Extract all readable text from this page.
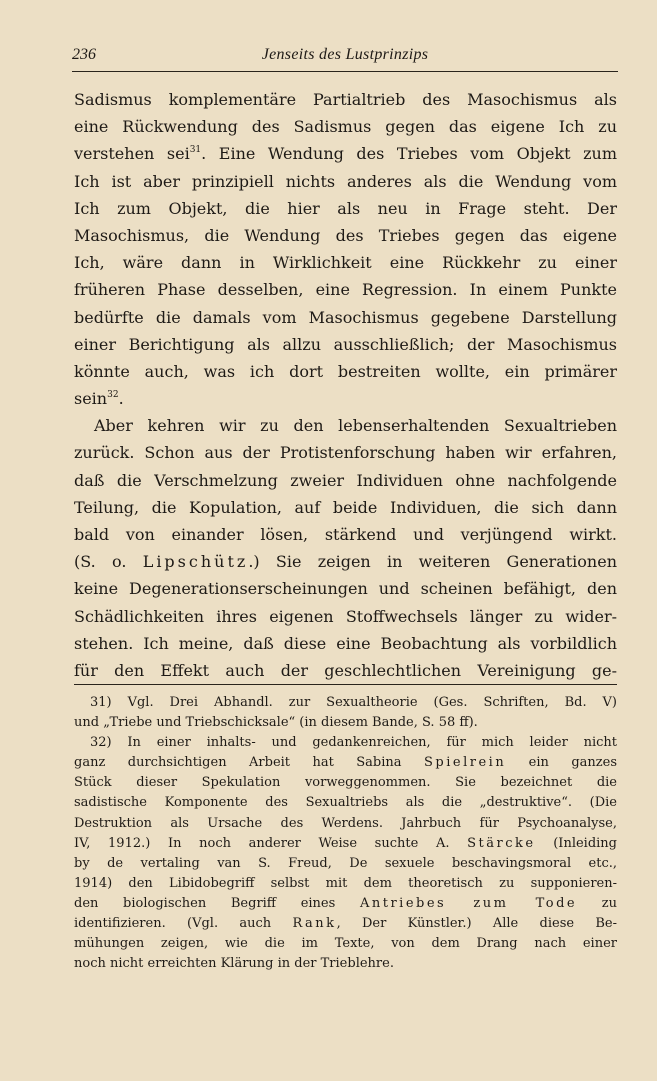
236	Jenseits des Lustprinzips
Sadismus komplementäre Partialtrieb des Masochismus als
eine Rückwendung des Sadismus gegen das eigene Ich zu
verstehen sei$^{31}$. Eine Wendung des Triebes vom Objekt zum
Ich ist aber prinzipiell nichts anderes als die Wendung vom
Ich zum Objekt, die hier als neu in Frage steht. Der
Masochismus, die Wendung des Triebes gegen das eigene
Ich, wäre dann in Wirklichkeit eine Rückkehr zu einer
früheren Phase desselben, eine Regression. In einem Punkte
bedürfte die damals vom Masochismus gegebene Darstellung
einer Berichtigung als allzu ausschließlich; der Masochismus
könnte auch, was ich dort bestreiten wollte, ein primärer
sein$^{32}$.
Aber kehren wir zu den lebenserhaltenden Sexualtrieben
zurück. Schon aus der Protistenforschung haben wir erfahren,
daß die Verschmelzung zweier Individuen ohne nachfolgende
Teilung, die Kopulation, auf beide Individuen, die sich dann
bald von einander lösen, stärkend und verjüngend wirkt.
(S. o. Lipschütz.) Sie zeigen in weiteren Generationen
keine Degenerationserscheinungen und scheinen befähigt, den
Schädlichkeiten ihres eigenen Stoffwechsels länger zu wider-
stehen. Ich meine, daß diese eine Beobachtung als vorbildlich
für den Effekt auch der geschlechtlichen Vereinigung ge-
31) Vgl. Drei Abhandl. zur Sexualtheorie (Ges. Schriften, Bd. V)
und „Triebe und Triebschicksale“ (in diesem Bande, S. 58 ff).
32) In einer inhalts- und gedankenreichen, für mich leider nicht
ganz durchsichtigen Arbeit hat Sabina Spielrein ein ganzes
Stück dieser Spekulation vorweggenommen. Sie bezeichnet die
sadistische Komponente des Sexualtriebs als die „destruktive“. (Die
Destruktion als Ursache des Werdens. Jahrbuch für Psychoanalyse,
IV, 1912.) In noch anderer Weise suchte A. Stärcke (Inleiding
by de vertaling van S. Freud, De sexuele beschavingsmoral etc.,
1914) den Libidobegriff selbst mit dem theoretisch zu supponieren-
den biologischen Begriff eines Antriebes zum Tode zu
identifizieren. (Vgl. auch Rank, Der Künstler.) Alle diese Be-
mühungen zeigen, wie die im Texte, von dem Drang nach einer
noch nicht erreichten Klärung in der Trieblehre.
